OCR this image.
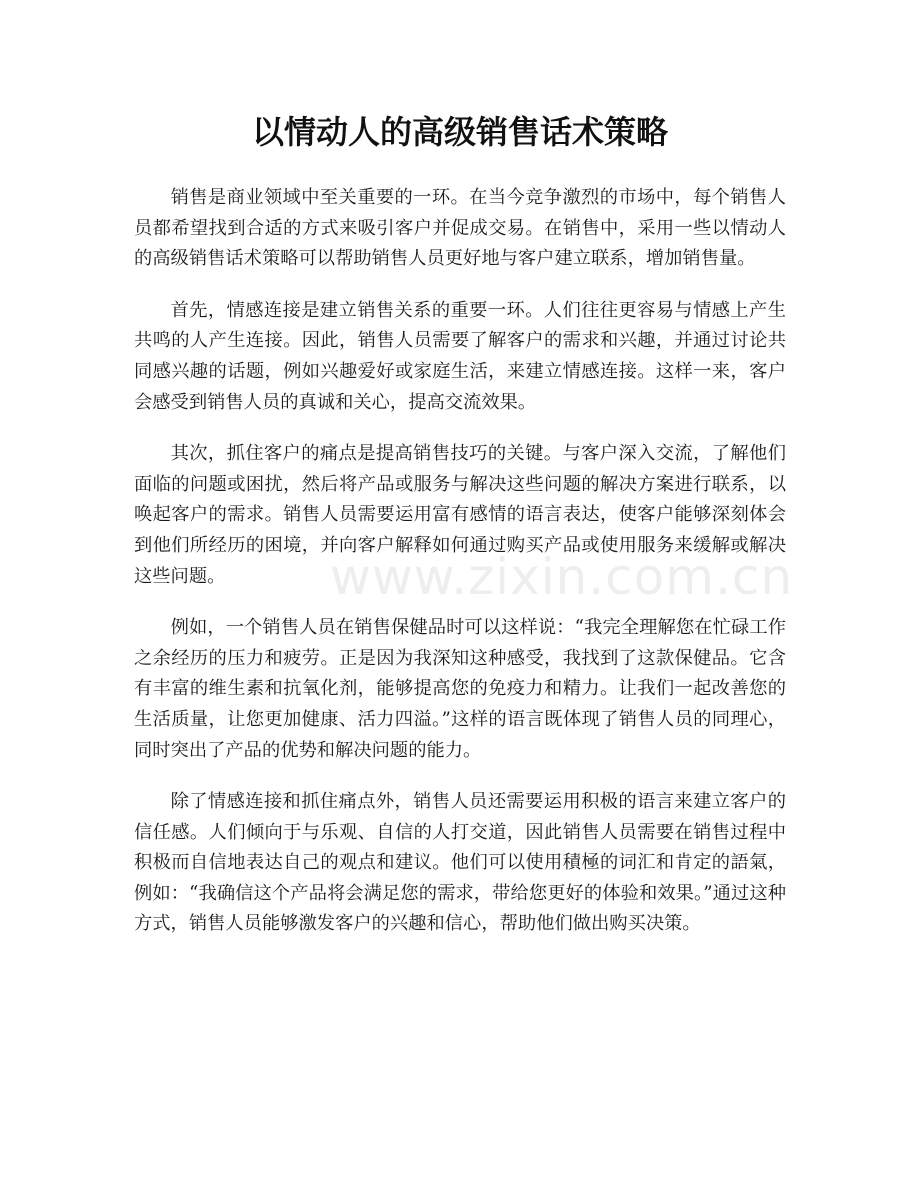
以情动人的高级销售话术策略

销售是商业领域中至关重要的一环。在当今竞争激烈的市场中，每个销售人员都希望找到合适的方式来吸引客户并促成交易。在销售中，采用一些以情动人的高级销售话术策略可以帮助销售人员更好地与客户建立联系，增加销售量。

首先，情感连接是建立销售关系的重要一环。人们往往更容易与情感上产生共鸣的人产生连接。因此，销售人员需要了解客户的需求和兴趣，并通过讨论共同感兴趣的话题，例如兴趣爱好或家庭生活，来建立情感连接。这样一来，客户会感受到销售人员的真诚和关心，提高交流效果。

其次，抓住客户的痛点是提高销售技巧的关键。与客户深入交流，了解他们面临的问题或困扰，然后将产品或服务与解决这些问题的解决方案进行联系，以唤起客户的需求。销售人员需要运用富有感情的语言表达，使客户能够深刻体会到他们所经历的困境，并向客户解释如何通过购买产品或使用服务来缓解或解决这些问题。

例如，一个销售人员在销售保健品时可以这样说：“我完全理解您在忙碌工作之余经历的压力和疲劳。正是因为我深知这种感受，我找到了这款保健品。它含有丰富的维生素和抗氧化剂，能够提高您的免疫力和精力。让我们一起改善您的生活质量，让您更加健康、活力四溢。”这样的语言既体现了销售人员的同理心，同时突出了产品的优势和解决问题的能力。

除了情感连接和抓住痛点外，销售人员还需要运用积极的语言来建立客户的信任感。人们倾向于与乐观、自信的人打交道，因此销售人员需要在销售过程中积极而自信地表达自己的观点和建议。他们可以使用積極的词汇和肯定的語氣，例如：“我确信这个产品将会满足您的需求，带给您更好的体验和效果。”通过这种方式，销售人员能够激发客户的兴趣和信心，帮助他们做出购买决策。

www.zixin.com.cn
